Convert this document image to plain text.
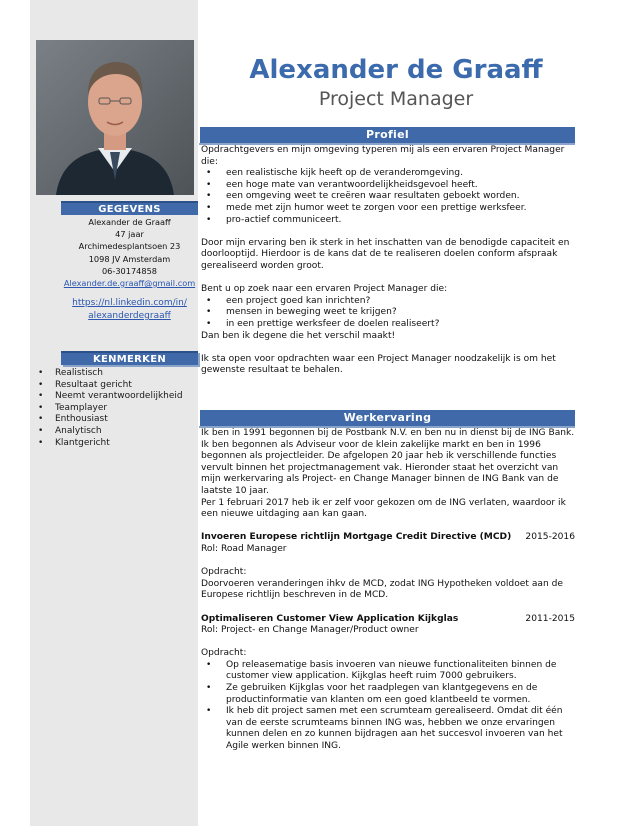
GEGEVENS
Alexander de Graaff
47 jaar
Archimedesplantsoen 23
1098 JV Amsterdam
06-30174858
Alexander.de.graaff@gmail.com
https://nl.linkedin.com/in/
alexanderdegraaff
KENMERKEN
• Realistisch
• Resultaat gericht
• Neemt verantwoordelijkheid
• Teamplayer
• Enthousiast
• Analytisch
• Klantgericht
Alexander de Graaff
Project Manager
Profiel

Opdrachtgevers en mijn omgeving typeren mij als een ervaren Project Manager die:

• een realistische kijk heeft op de veranderomgeving.
• een hoge mate van verantwoordelijkheidsgevoel heeft.
• een omgeving weet te creëren waar resultaten geboekt worden.
• mede met zijn humor weet te zorgen voor een prettige werksfeer.
• pro-actief communiceert.

Door mijn ervaring ben ik sterk in het inschatten van de benodigde capaciteit en doorlooptijd. Hierdoor is de kans dat de te realiseren doelen conform afspraak gerealiseerd worden groot.

Bent u op zoek naar een ervaren Project Manager die:

• een project goed kan inrichten?
• mensen in beweging weet te krijgen?
• in een prettige werksfeer de doelen realiseert?

Dan ben ik degene die het verschil maakt!

Ik sta open voor opdrachten waar een Project Manager noodzakelijk is om het gewenste resultaat te behalen.

Werkervaring

Ik ben in 1991 begonnen bij de Postbank N.V. en ben nu in dienst bij de ING Bank. Ik ben begonnen als Adviseur voor de klein zakelijke markt en ben in 1996 begonnen als projectleider. De afgelopen 20 jaar heb ik verschillende functies vervult binnen het projectmanagement vak. Hieronder staat het overzicht van mijn werkervaring als Project- en Change Manager binnen de ING Bank van de laatste 10 jaar.

Per 1 februari 2017 heb ik er zelf voor gekozen om de ING verlaten, waardoor ik een nieuwe uitdaging aan kan gaan.

Invoeren Europese richtlijn Mortgage Credit Directive (MCD) 2015-2016

Rol: Road Manager

Opdracht:

Doorvoeren veranderingen ihkv de MCD, zodat ING Hypotheken voldoet aan de Europese richtlijn beschreven in de MCD.

Optimaliseren Customer View Application Kijkglas	2011-2015

Rol: Project- en Change Manager/Product owner

Opdracht:

• Op releasematige basis invoeren van nieuwe functionaliteiten binnen de customer view application. Kijkglas heeft ruim 7000 gebruikers.
• Ze gebruiken Kijkglas voor het raadplegen van klantgegevens en de productinformatie van klanten om een goed klantbeeld te vormen.
• Ik heb dit project samen met een scrumteam gerealiseerd. Omdat dit één van de eerste scrumteams binnen ING was, hebben we onze ervaringen kunnen delen en zo kunnen bijdragen aan het succesvol invoeren van het Agile werken binnen ING.
